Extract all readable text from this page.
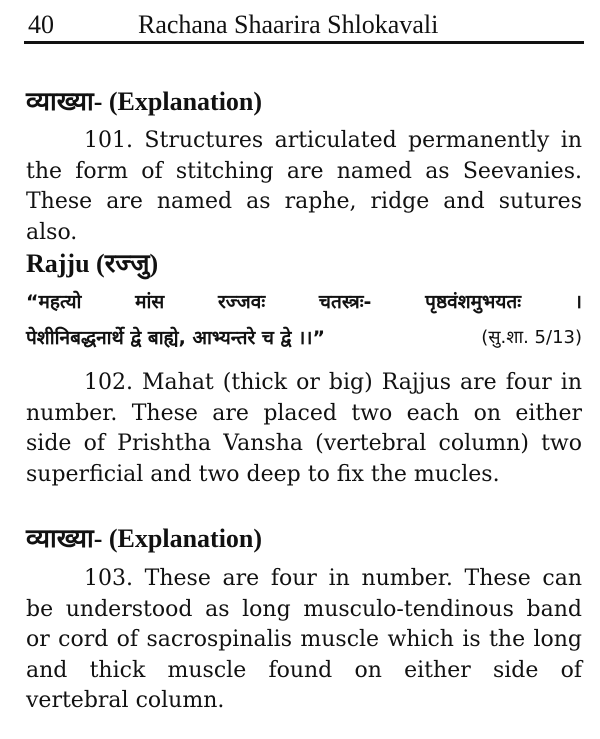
40	Rachana Shaarira Shlokavali
व्याख्या- (Explanation)

101. Structures articulated permanently in the form of stitching are named as Seevanies. These are named as raphe, ridge and sutures also.

Rajju (रज्जु)
“महत्यो	मांस	रज्जवः	चतस्त्रः-	पृष्ठवंशमुभयतः	।
पेशीनिबद्धनार्थे द्वे बाह्ये, आभ्यन्तरे च द्वे ।।”	(सु.शा. 5/13)

102. Mahat (thick or big) Rajjus are four in number. These are placed two each on either side of Prishtha Vansha (vertebral column) two superficial and two deep to fix the mucles.

व्याख्या- (Explanation)

103. These are four in number. These can be understood as long musculo-tendinous band or cord of sacrospinalis muscle which is the long and thick muscle found on either side of vertebral column.
